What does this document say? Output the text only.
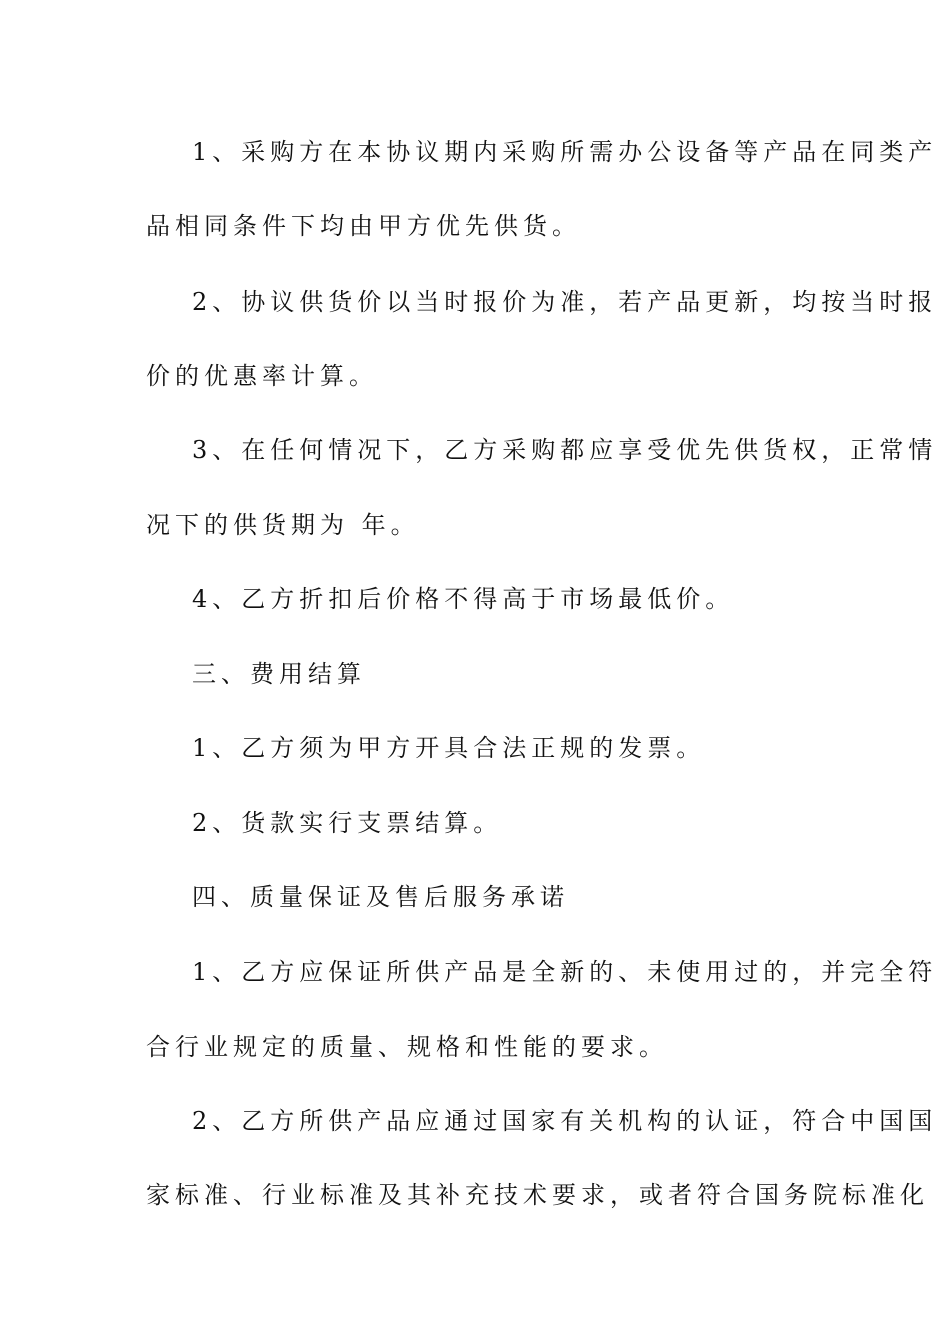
1、采购方在本协议期内采购所需办公设备等产品在同类产
品相同条件下均由甲方优先供货。
2、协议供货价以当时报价为准，若产品更新，均按当时报
价的优惠率计算。
3、在任何情况下，乙方采购都应享受优先供货权，正常情
况下的供货期为 年。
4、乙方折扣后价格不得高于市场最低价。
三、费用结算
1、乙方须为甲方开具合法正规的发票。
2、货款实行支票结算。
四、质量保证及售后服务承诺
1、乙方应保证所供产品是全新的、未使用过的，并完全符
合行业规定的质量、规格和性能的要求。
2、乙方所供产品应通过国家有关机构的认证，符合中国国
家标准、行业标准及其补充技术要求，或者符合国务院标准化
